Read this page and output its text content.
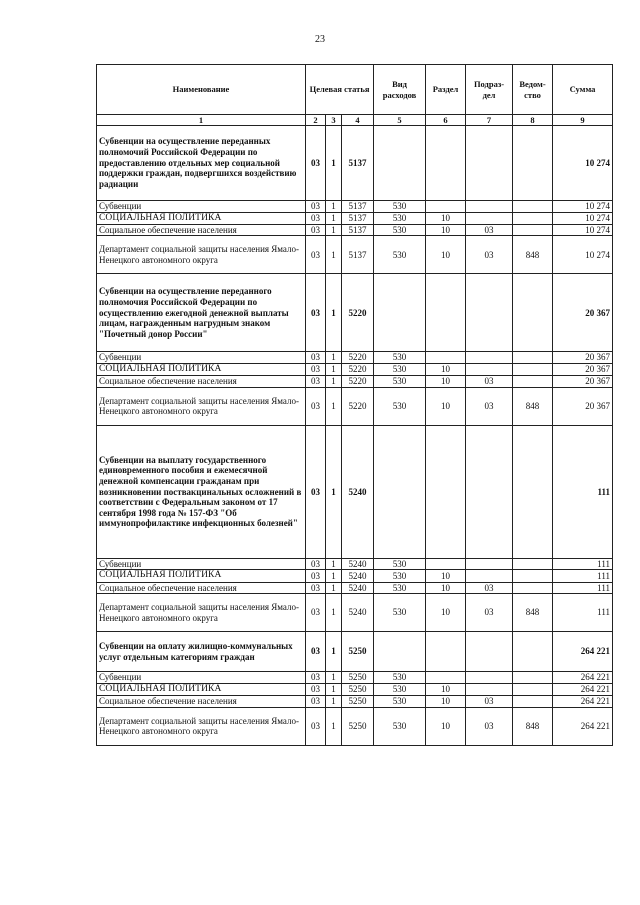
23
Наименование	Целевая статья			Вид расходов	Раздел	Подраз-дел	Ведом-ство	Сумма
1	2	3	4	5	6	7	8	9
Субвенции на осуществление переданных полномочий Российской Федерации по предоставлению отдельных мер социальной поддержки граждан, подвергшихся воздействию радиации	03	1	5137					10 274
Субвенции	03	1	5137	530				10 274
СОЦИАЛЬНАЯ ПОЛИТИКА	03	1	5137	530	10			10 274
Социальное обеспечение населения	03	1	5137	530	10	03		10 274
Департамент социальной защиты населения Ямало-Ненецкого автономного округа	03	1	5137	530	10	03	848	10 274
Субвенции на осуществление переданного полномочия Российской Федерации по осуществлению ежегодной денежной выплаты лицам, награжденным нагрудным знаком "Почетный донор России"	03	1	5220					20 367
Субвенции	03	1	5220	530				20 367
СОЦИАЛЬНАЯ ПОЛИТИКА	03	1	5220	530	10			20 367
Социальное обеспечение населения	03	1	5220	530	10	03		20 367
Департамент социальной защиты населения Ямало-Ненецкого автономного округа	03	1	5220	530	10	03	848	20 367
Субвенции на выплату государственного единовременного пособия и ежемесячной денежной компенсации гражданам при возникновении поствакцинальных осложнений в соответствии с Федеральным законом от 17 сентября 1998 года № 157-ФЗ "Об иммунопрофилактике инфекционных болезней"	03	1	5240					111
Субвенции	03	1	5240	530				111
СОЦИАЛЬНАЯ ПОЛИТИКА	03	1	5240	530	10			111
Социальное обеспечение населения	03	1	5240	530	10	03		111
Департамент социальной защиты населения Ямало-Ненецкого автономного округа	03	1	5240	530	10	03	848	111
Субвенции на оплату жилищно-коммунальных услуг отдельным категориям граждан	03	1	5250					264 221
Субвенции	03	1	5250	530				264 221
СОЦИАЛЬНАЯ ПОЛИТИКА	03	1	5250	530	10			264 221
Социальное обеспечение населения	03	1	5250	530	10	03		264 221
Департамент социальной защиты населения Ямало-Ненецкого автономного округа	03	1	5250	530	10	03	848	264 221
